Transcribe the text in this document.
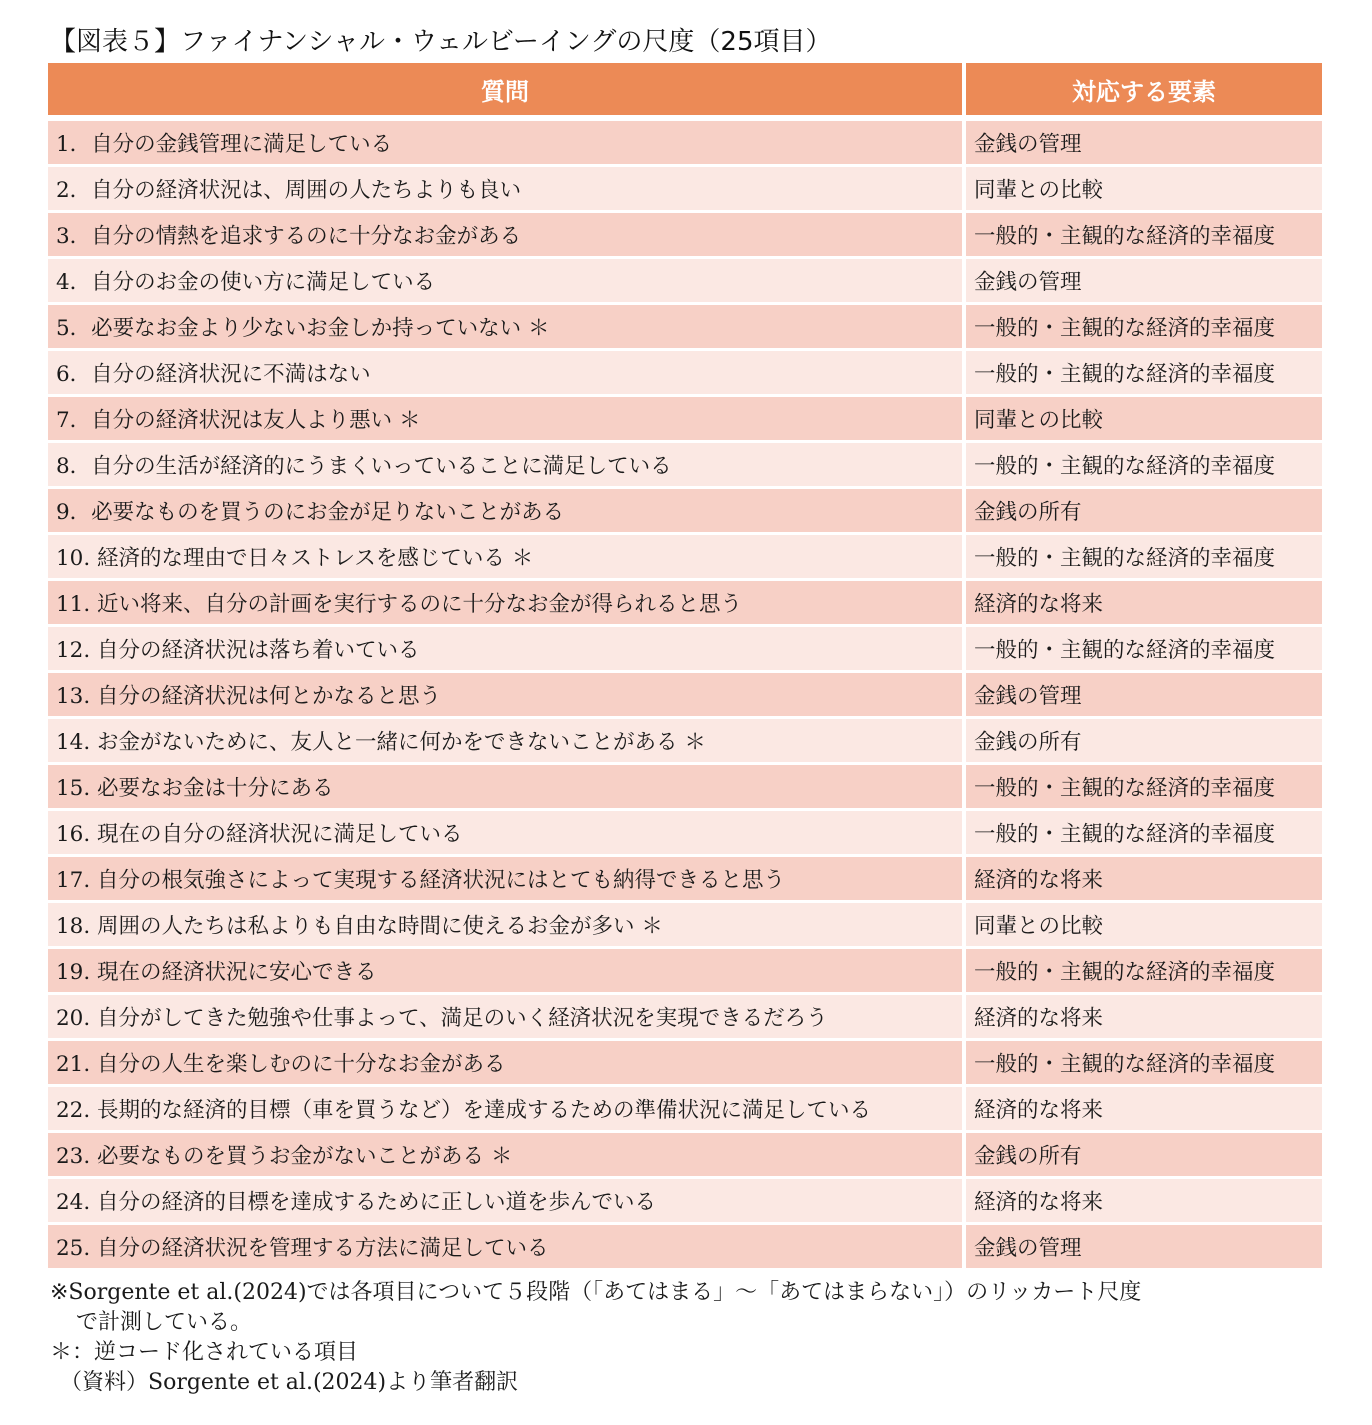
【図表５】ファイナンシャル・ウェルビーイングの尺度（25項目）
質問	対応する要素
1．自分の金銭管理に満足している	金銭の管理
2．自分の経済状況は、周囲の人たちよりも良い	同輩との比較
3．自分の情熱を追求するのに十分なお金がある	一般的・主観的な経済的幸福度
4．自分のお金の使い方に満足している	金銭の管理
5．必要なお金より少ないお金しか持っていない ＊	一般的・主観的な経済的幸福度
6．自分の経済状況に不満はない	一般的・主観的な経済的幸福度
7．自分の経済状況は友人より悪い ＊	同輩との比較
8．自分の生活が経済的にうまくいっていることに満足している	一般的・主観的な経済的幸福度
9．必要なものを買うのにお金が足りないことがある	金銭の所有
10. 経済的な理由で日々ストレスを感じている ＊	一般的・主観的な経済的幸福度
11. 近い将来、自分の計画を実行するのに十分なお金が得られると思う	経済的な将来
12. 自分の経済状況は落ち着いている	一般的・主観的な経済的幸福度
13. 自分の経済状況は何とかなると思う	金銭の管理
14. お金がないために、友人と一緒に何かをできないことがある ＊	金銭の所有
15. 必要なお金は十分にある	一般的・主観的な経済的幸福度
16. 現在の自分の経済状況に満足している	一般的・主観的な経済的幸福度
17. 自分の根気強さによって実現する経済状況にはとても納得できると思う	経済的な将来
18. 周囲の人たちは私よりも自由な時間に使えるお金が多い ＊	同輩との比較
19. 現在の経済状況に安心できる	一般的・主観的な経済的幸福度
20. 自分がしてきた勉強や仕事よって、満足のいく経済状況を実現できるだろう	経済的な将来
21. 自分の人生を楽しむのに十分なお金がある	一般的・主観的な経済的幸福度
22. 長期的な経済的目標（車を買うなど）を達成するための準備状況に満足している	経済的な将来
23. 必要なものを買うお金がないことがある ＊	金銭の所有
24. 自分の経済的目標を達成するために正しい道を歩んでいる	経済的な将来
25. 自分の経済状況を管理する方法に満足している	金銭の管理
※Sorgente et al.(2024)では各項目について５段階（「あてはまる」～「あてはまらない」）のリッカート尺度
で計測している。
＊：逆コード化されている項目
（資料）Sorgente et al.(2024)より筆者翻訳
